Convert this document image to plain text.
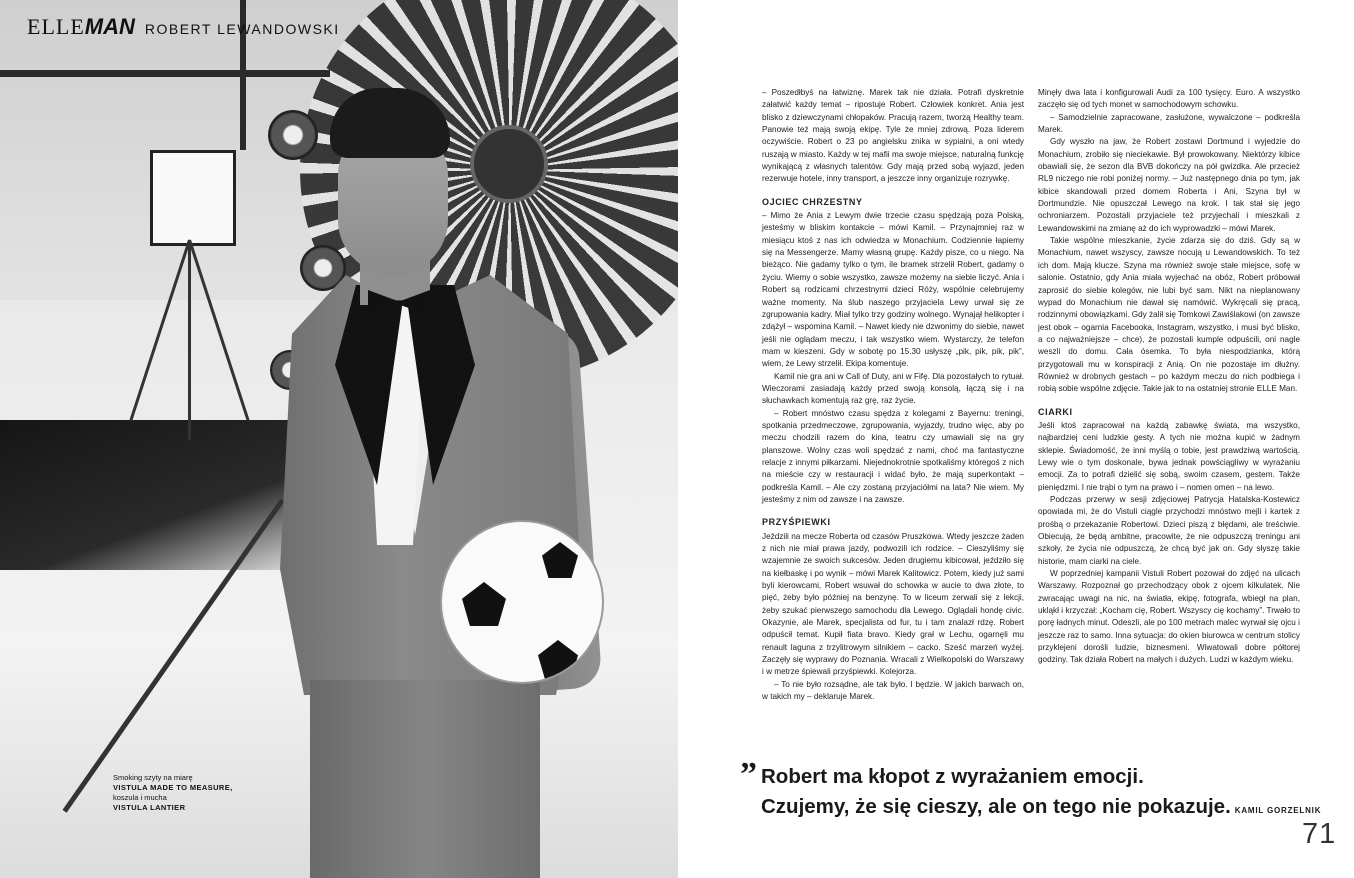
ELLEMAN ROBERT LEWANDOWSKI
Smoking szyty na miarę
VISTULA MADE TO MEASURE,
koszula i mucha
VISTULA LANTIER

– Poszedłbyś na łatwiznę. Marek tak nie działa. Potrafi dyskretnie załatwić każdy temat – ripostuje Robert. Człowiek konkret. Ania jest blisko z dziewczynami chłopaków. Pracują razem, tworzą Healthy team. Panowie też mają swoją ekipę. Tyle że mniej zdrową. Poza liderem oczywiście. Robert o 23 po angielsku znika w sypialni, a oni wtedy ruszają w miasto. Każdy w tej mafii ma swoje miejsce, naturalną funkcję wynikającą z własnych talentów. Gdy mają przed sobą wyjazd, jeden rezerwuje hotele, inny transport, a jeszcze inny organizuje rozrywkę.

OJCIEC CHRZESTNY

– Mimo że Ania z Lewym dwie trzecie czasu spędzają poza Polską, jesteśmy w bliskim kontakcie – mówi Kamil. – Przynajmniej raz w miesiącu ktoś z nas ich odwiedza w Monachium. Codziennie łapiemy się na Messengerze. Mamy własną grupę. Każdy pisze, co u niego. Na bieżąco. Nie gadamy tylko o tym, ile bramek strzelił Robert, gadamy o życiu. Wiemy o sobie wszystko, zawsze możemy na siebie liczyć. Ania i Robert są rodzicami chrzestnymi dzieci Róży, wspólnie celebrujemy ważne momenty. Na ślub naszego przyjaciela Lewy urwał się ze zgrupowania kadry. Miał tylko trzy godziny wolnego. Wynajął helikopter i zdążył – wspomina Kamil. – Nawet kiedy nie dzwonimy do siebie, nawet jeśli nie oglądam meczu, i tak wszystko wiem. Wystarczy, że telefon mam w kieszeni. Gdy w sobotę po 15.30 usłyszę „pik, pik, pik, pik”, wiem, że Lewy strzelił. Ekipa komentuje.

Kamil nie gra ani w Call of Duty, ani w Fifę. Dla pozostałych to rytuał. Wieczorami zasiadają każdy przed swoją konsolą, łączą się i na słuchawkach komentują raz grę, raz życie.

– Robert mnóstwo czasu spędza z kolegami z Bayernu: treningi, spotkania przedmeczowe, zgrupowania, wyjazdy, trudno więc, aby po meczu chodzili razem do kina, teatru czy umawiali się na gry planszowe. Wolny czas woli spędzać z nami, choć ma fantastyczne relacje z innymi piłkarzami. Niejednokrotnie spotkaliśmy któregoś z nich na mieście czy w restauracji i widać było, że mają superkontakt – podkreśla Kamil. – Ale czy zostaną przyjaciółmi na lata? Nie wiem. My jesteśmy z nim od zawsze i na zawsze.

PRZYŚPIEWKI

Jeździli na mecze Roberta od czasów Pruszkowa. Wtedy jeszcze żaden z nich nie miał prawa jazdy, podwozili ich rodzice. – Cieszyliśmy się wzajemnie ze swoich sukcesów. Jeden drugiemu kibicował, jeździło się na kiełbaskę i po wynik – mówi Marek Kalitowicz. Potem, kiedy już sami byli kierowcami, Robert wsuwał do schowka w aucie to dwa złote, to pięć, żeby było później na benzynę. To w liceum zerwali się z lekcji, żeby szukać pierwszego samochodu dla Lewego. Oglądali hondę civic. Okazynie, ale Marek, specjalista od fur, tu i tam znalazł rdzę. Robert odpuścił temat. Kupił fiata bravo. Kiedy grał w Lechu, ogarnęli mu renault laguna z trzylitrowym silnikiem – cacko. Sześć marzeń wyżej. Zaczęły się wyprawy do Poznania. Wracali z Wielkopolski do Warszawy i w metrze śpiewali przyśpiewki. Kolejorza.

– To nie było rozsądne, ale tak było. I będzie. W jakich barwach on, w takich my – deklaruje Marek.

Minęły dwa lata i konfigurowali Audi za 100 tysięcy. Euro. A wszystko zaczęło się od tych monet w samochodowym schowku.

– Samodzielnie zapracowane, zasłużone, wywalczone – podkreśla Marek.

Gdy wyszło na jaw, że Robert zostawi Dortmund i wyjedzie do Monachium, zrobiło się nieciekawie. Był prowokowany. Niektórzy kibice obawiali się, że sezon dla BVB dokończy na pół gwizdka. Ale przecież RL9 niczego nie robi poniżej normy. – Już następnego dnia po tym, jak kibice skandowali przed domem Roberta i Ani, Szyna był w Dortmundzie. Nie opuszczał Lewego na krok. I tak stał się jego ochroniarzem. Pozostali przyjaciele też przyjechali i mieszkali z Lewandowskimi na zmianę aż do ich wyprowadzki – mówi Marek.

Takie wspólne mieszkanie, życie zdarza się do dziś. Gdy są w Monachium, nawet wszyscy, zawsze nocują u Lewandowskich. To też ich dom. Mają klucze. Szyna ma również swoje stałe miejsce, sofę w salonie. Ostatnio, gdy Ania miała wyjechać na obóz, Robert próbował zaprosić do siebie kolegów, nie lubi być sam. Nikt na nieplanowany wypad do Monachium nie dawał się namówić. Wykręcali się pracą, rodzinnymi obowiązkami. Gdy żalił się Tomkowi Zawiślakowi (on zawsze jest obok – ogarnia Facebooka, Instagram, wszystko, i musi być blisko, a co najważniejsze – chce), że pozostali kumple odpuścili, oni nagle weszli do domu. Cała ósemka. To była niespodzianka, którą przygotowali mu w konspiracji z Anią. On nie pozostaje im dłużny. Również w drobnych gestach – po każdym meczu do nich podbiega i robią sobie wspólne zdjęcie. Takie jak to na ostatniej stronie ELLE Man.

CIARKI

Jeśli ktoś zapracował na każdą zabawkę świata, ma wszystko, najbardziej ceni ludzkie gesty. A tych nie można kupić w żadnym sklepie. Świadomość, że inni myślą o tobie, jest prawdziwą wartością. Lewy wie o tym doskonale, bywa jednak powściągliwy w wyrażaniu emocji. Za to potrafi dzielić się sobą, swoim czasem, gestem. Także pieniędzmi. I nie trąbi o tym na prawo i – nomen omen – na lewo.

Podczas przerwy w sesji zdjęciowej Patrycja Hatalska-Kostewicz opowiada mi, że do Vistuli ciągle przychodzi mnóstwo mejli i kartek z prośbą o przekazanie Robertowi. Dzieci piszą z błędami, ale treściwie. Obiecują, że będą ambitne, pracowite, że nie odpuszczą treningu ani szkoły, że życia nie odpuszczą, że chcą być jak on. Gdy słyszę takie historie, mam ciarki na ciele.

W poprzedniej kampanii Vistuli Robert pozował do zdjęć na ulicach Warszawy. Rozpoznał go przechodzący obok z ojcem kilkulatek. Nie zwracając uwagi na nic, na światła, ekipę, fotografa, wbiegł na plan, ukląkł i krzyczał: „Kocham cię, Robert. Wszyscy cię kochamy”. Trwało to porę ładnych minut. Odeszli, ale po 100 metrach malec wyrwał się ojcu i jeszcze raz to samo. Inna sytuacja: do okien biurowca w centrum stolicy przyklejeni dorośli ludzie, biznesmeni. Wiwatowali dobre półtorej godziny. Tak działa Robert na małych i dużych. Ludzi w każdym wieku.

” Robert ma kłopot z wyrażaniem emocji.
Czujemy, że się cieszy, ale on tego nie pokazuje. KAMIL GORZELNIK
71
